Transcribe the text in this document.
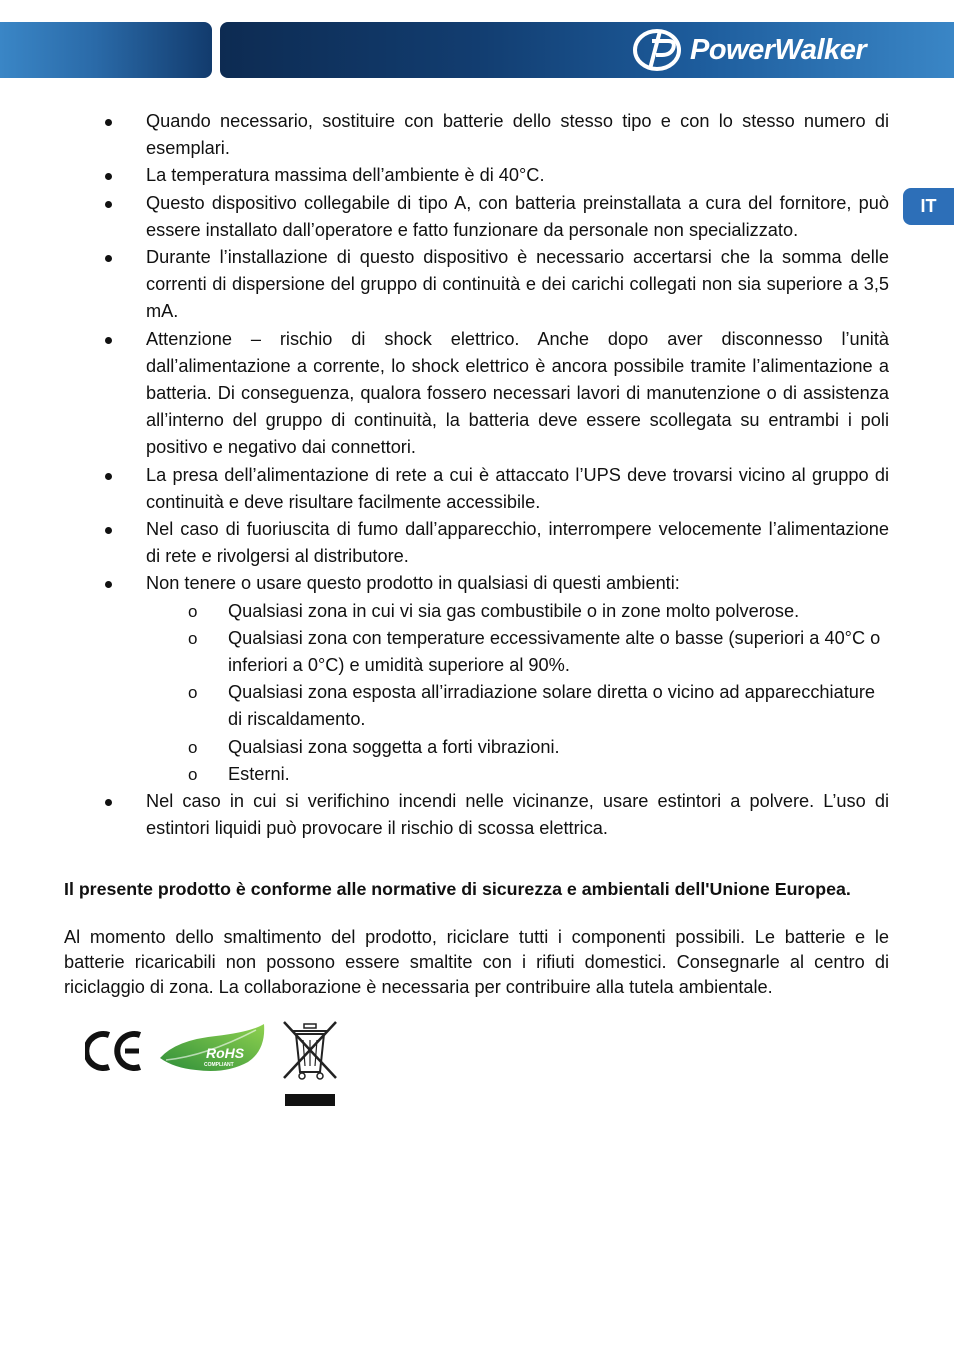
PowerWalker
IT
Quando necessario, sostituire con batterie dello stesso tipo e con lo stesso numero di esemplari.
La temperatura massima dell’ambiente è di 40°C.
Questo dispositivo collegabile di tipo A, con batteria preinstallata a cura del fornitore, può essere installato dall’operatore e fatto funzionare da personale non specializzato.
Durante l’installazione di questo dispositivo è necessario accertarsi che la somma delle correnti di dispersione del gruppo di continuità e dei carichi collegati non sia superiore a 3,5 mA.
Attenzione – rischio di shock elettrico. Anche dopo aver disconnesso l’unità dall’alimentazione a corrente, lo shock elettrico è ancora possibile tramite l’alimentazione a batteria. Di conseguenza, qualora fossero necessari lavori di manutenzione o di assistenza all’interno del gruppo di continuità, la batteria deve essere scollegata su entrambi i poli positivo e negativo dai connettori.
La presa dell’alimentazione di rete a cui è attaccato l’UPS deve trovarsi vicino al gruppo di continuità e deve risultare facilmente accessibile.
Nel caso di fuoriuscita di fumo dall’apparecchio, interrompere velocemente l’alimentazione di rete e rivolgersi al distributore.
Non tenere o usare questo prodotto in qualsiasi di questi ambienti:
o Qualsiasi zona in cui vi sia gas combustibile o in zone molto polverose.
o Qualsiasi zona con temperature eccessivamente alte o basse (superiori a 40°C o inferiori a 0°C) e umidità superiore al 90%.
o Qualsiasi zona esposta all’irradiazione solare diretta o vicino ad apparecchiature di riscaldamento.
o Qualsiasi zona soggetta a forti vibrazioni.
o Esterni.
Nel caso in cui si verifichino incendi nelle vicinanze, usare estintori a polvere. L’uso di estintori liquidi può provocare il rischio di scossa elettrica.
Il presente prodotto è conforme alle normative di sicurezza e ambientali dell'Unione Europea.
Al momento dello smaltimento del prodotto, riciclare tutti i componenti possibili. Le batterie e le batterie ricaricabili non possono essere smaltite con i rifiuti domestici. Consegnarle al centro di riciclaggio di zona. La collaborazione è necessaria per contribuire alla tutela ambientale.
RoHS
COMPLIANT
